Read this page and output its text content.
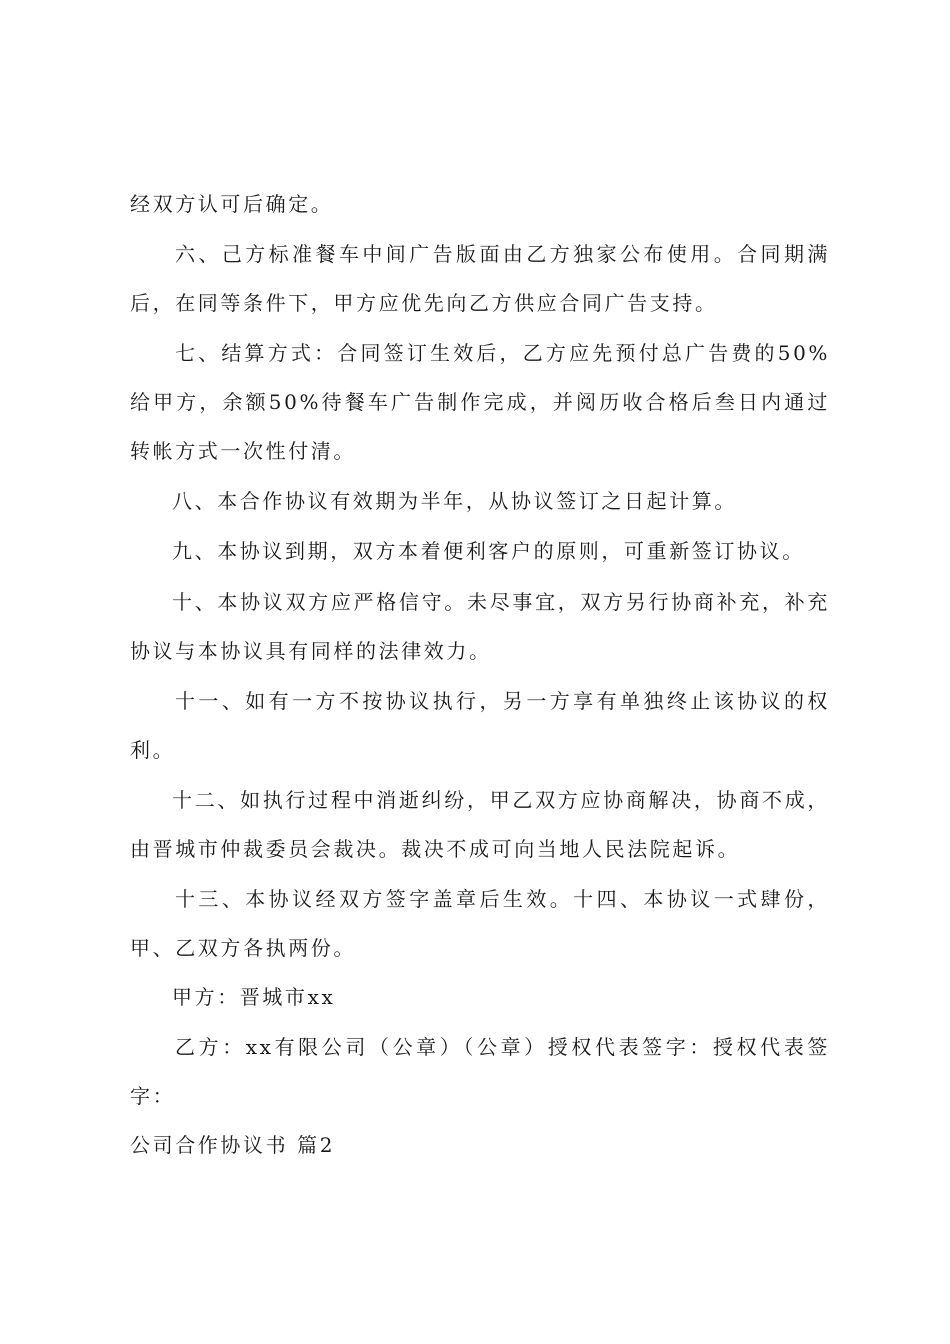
经双方认可后确定。

六、己方标准餐车中间广告版面由乙方独家公布使用。合同期满后，在同等条件下，甲方应优先向乙方供应合同广告支持。

七、结算方式：合同签订生效后，乙方应先预付总广告费的50%给甲方，余额50%待餐车广告制作完成，并阅历收合格后叁日内通过转帐方式一次性付清。

八、本合作协议有效期为半年，从协议签订之日起计算。

九、本协议到期，双方本着便利客户的原则，可重新签订协议。

十、本协议双方应严格信守。未尽事宜，双方另行协商补充，补充协议与本协议具有同样的法律效力。

十一、如有一方不按协议执行，另一方享有单独终止该协议的权利。

十二、如执行过程中消逝纠纷，甲乙双方应协商解决，协商不成，由晋城市仲裁委员会裁决。裁决不成可向当地人民法院起诉。

十三、本协议经双方签字盖章后生效。十四、本协议一式肆份，甲、乙双方各执两份。

甲方：晋城市xx

乙方：xx有限公司（公章）（公章）授权代表签字：授权代表签字：

公司合作协议书 篇2
